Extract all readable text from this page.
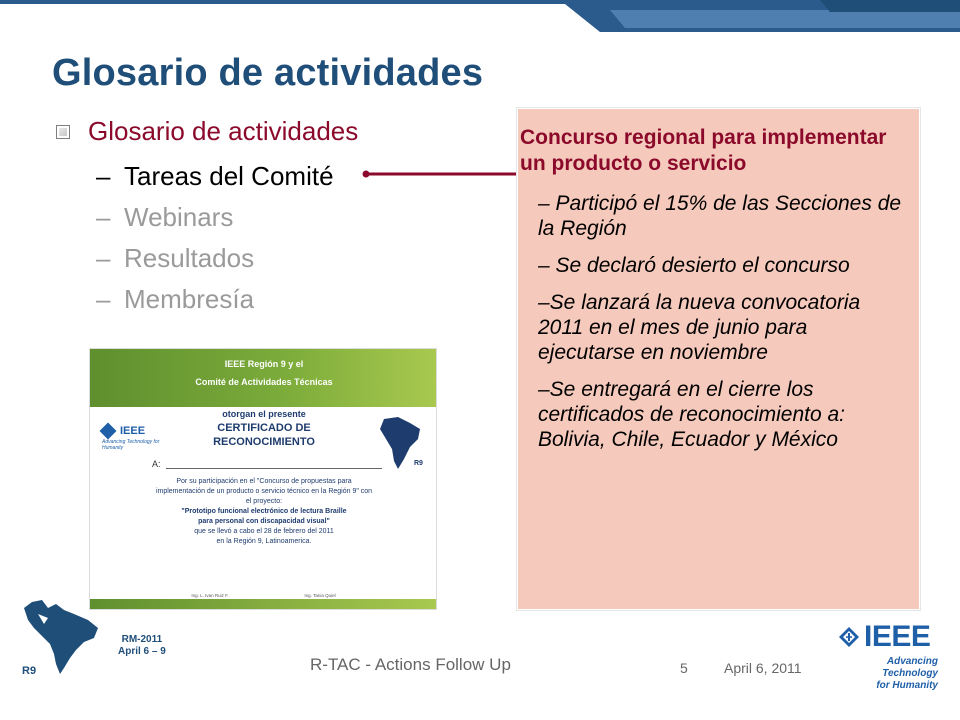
Glosario de actividades
Glosario de actividades
– Tareas del Comité
– Webinars
– Resultados
– Membresía
Concurso regional para implementar un producto o servicio
– Participó el 15% de las Secciones de la Región
– Se declaró desierto el concurso
–Se lanzará la nueva convocatoria 2011 en el mes de junio para ejecutarse en noviembre
–Se entregará en el cierre los certificados de reconocimiento a: Bolivia, Chile, Ecuador y México
IEEE Región 9 y el
Comité de Actividades Técnicas
otorgan el presente
CERTIFICADO DE
RECONOCIMIENTO
IEEE
Advancing Technology for Humanity
R9
A:
Por su participación en el "Concurso de propuestas para
implementación de un producto o servicio técnico en la Región 9" con
el proyecto:
"Prototipo funcional electrónico de lectura Braille
para personal con discapacidad visual"
que se llevó a cabo el 28 de febrero del 2011
en la Región 9, Latinoamerica.
Ing. L. Ivan Ruiz F.	Ing. Tania Quiel
R9
RM-2011
April 6 – 9
R-TAC - Actions Follow Up	5	April 6, 2011
IEEE
Advancing Technology
for Humanity
